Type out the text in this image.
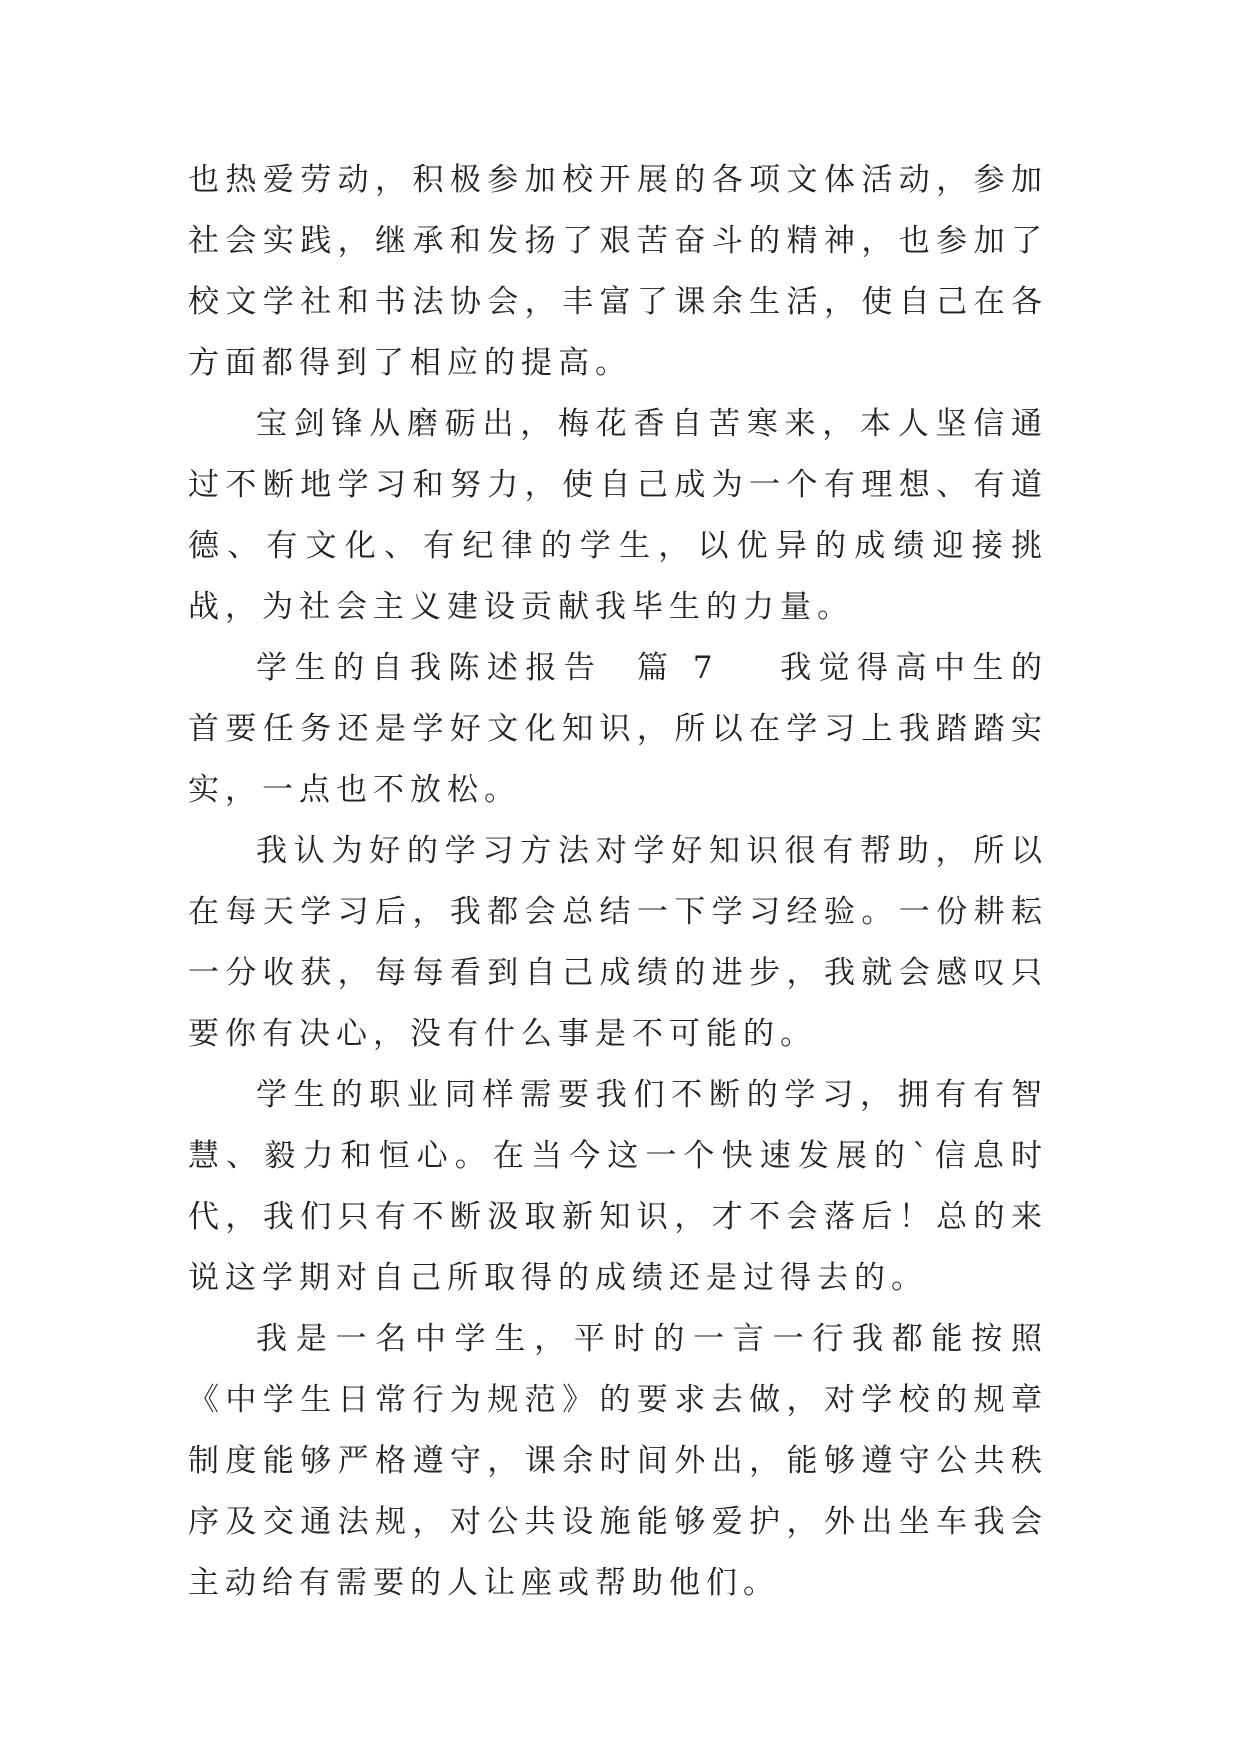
也热爱劳动，积极参加校开展的各项文体活动，参加社会实践，继承和发扬了艰苦奋斗的精神，也参加了校文学社和书法协会，丰富了课余生活，使自己在各方面都得到了相应的提高。

宝剑锋从磨砺出，梅花香自苦寒来，本人坚信通过不断地学习和努力，使自己成为一个有理想、有道德、有文化、有纪律的学生，以优异的成绩迎接挑战，为社会主义建设贡献我毕生的力量。

学生的自我陈述报告  篇 7 我觉得高中生的首要任务还是学好文化知识，所以在学习上我踏踏实实，一点也不放松。

我认为好的学习方法对学好知识很有帮助，所以在每天学习后，我都会总结一下学习经验。一份耕耘一分收获，每每看到自己成绩的进步，我就会感叹只要你有决心，没有什么事是不可能的。

学生的职业同样需要我们不断的学习，拥有有智慧、毅力和恒心。在当今这一个快速发展的`信息时代，我们只有不断汲取新知识，才不会落后！总的来说这学期对自己所取得的成绩还是过得去的。

我是一名中学生，平时的一言一行我都能按照《中学生日常行为规范》的要求去做，对学校的规章制度能够严格遵守，课余时间外出，能够遵守公共秩序及交通法规，对公共设施能够爱护，外出坐车我会主动给有需要的人让座或帮助他们。
